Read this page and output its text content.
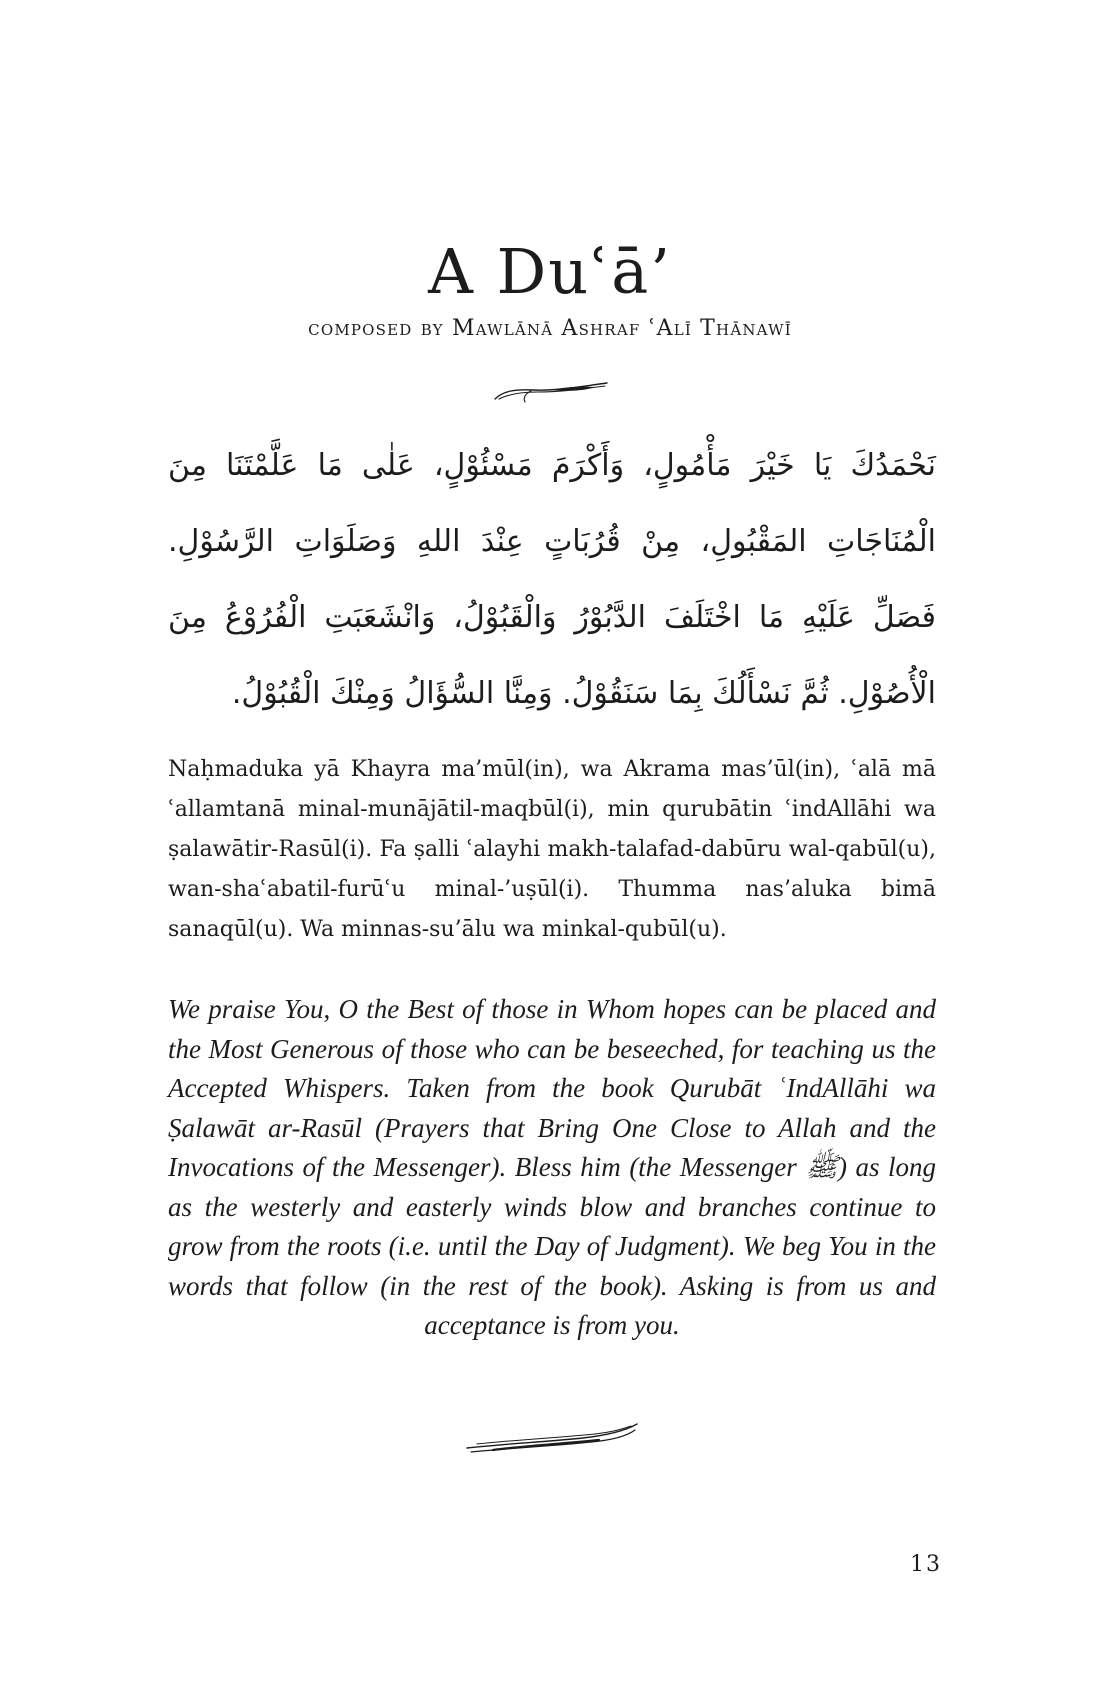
A Duʿā’
composed by Mawlānā Ashraf ʿAlī Thānawī
نَحْمَدُكَ يَا خَيْرَ مَأْمُولٍ، وَأَكْرَمَ مَسْئُوْلٍ، عَلٰى مَا عَلَّمْتَنَا مِنَ
الْمُنَاجَاتِ المَقْبُولِ، مِنْ قُرُبَاتٍ عِنْدَ اللهِ وَصَلَوَاتِ الرَّسُوْلِ.
فَصَلِّ عَلَيْهِ مَا اخْتَلَفَ الدَّبُوْرُ وَالْقَبُوْلُ، وَانْشَعَبَتِ الْفُرُوْعُ مِنَ
الْأُصُوْلِ. ثُمَّ نَسْأَلُكَ بِمَا سَنَقُوْلُ. وَمِنَّا السُّؤَالُ وَمِنْكَ الْقُبُوْلُ.

Naḥmaduka yā Khayra ma’mūl(in), wa Akrama mas’ūl(in), ʿalā mā ʿallamtanā minal-munājātil-maqbūl(i), min qurubātin ʿindAllāhi wa ṣalawātir-Rasūl(i). Fa ṣalli ʿalayhi makh-talafad-dabūru wal-qabūl(u), wan-shaʿabatil-furūʿu minal-’uṣūl(i). Thumma nas’aluka bimā sanaqūl(u). Wa minnas-su’ālu wa minkal-qubūl(u).

We praise You, O the Best of those in Whom hopes can be placed and the Most Generous of those who can be beseeched, for teaching us the Accepted Whispers. Taken from the book Qurubāt ʿIndAllāhi wa Ṣalawāt ar-Rasūl (Prayers that Bring One Close to Allah and the Invocations of the Messenger). Bless him (the Messenger ﷺ) as long as the westerly and easterly winds blow and branches continue to grow from the roots (i.e. until the Day of Judgment). We beg You in the words that follow (in the rest of the book). Asking is from us and acceptance is from you.

13
